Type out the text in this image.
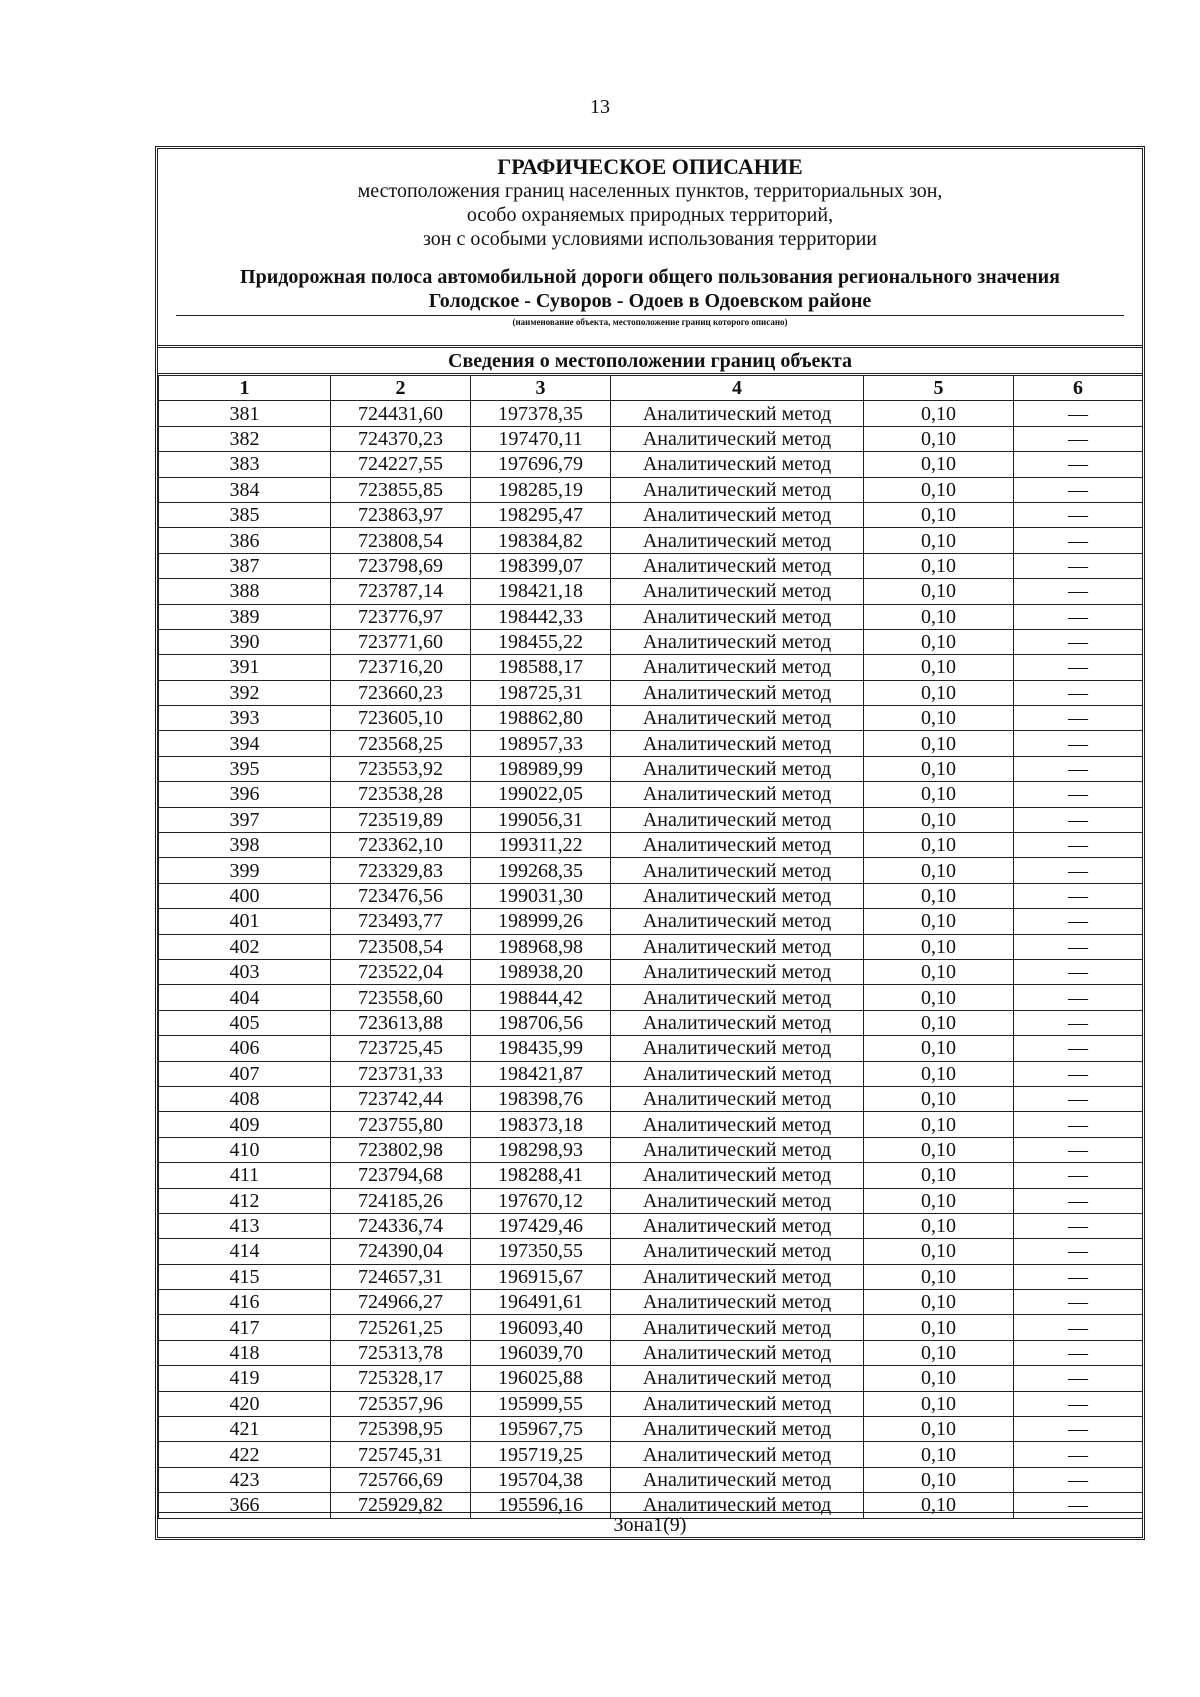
13
ГРАФИЧЕСКОЕ ОПИСАНИЕ
местоположения границ населенных пунктов, территориальных зон,
особо охраняемых природных территорий,
зон с особыми условиями использования территории
Придорожная полоса автомобильной дороги общего пользования регионального значения
Голодское - Суворов - Одоев в Одоевском районе
(наименование объекта, местоположение границ которого описано)
Сведения о местоположении границ объекта
1	2	3	4	5	6
381	724431,60	197378,35	Аналитический метод	0,10	—
382	724370,23	197470,11	Аналитический метод	0,10	—
383	724227,55	197696,79	Аналитический метод	0,10	—
384	723855,85	198285,19	Аналитический метод	0,10	—
385	723863,97	198295,47	Аналитический метод	0,10	—
386	723808,54	198384,82	Аналитический метод	0,10	—
387	723798,69	198399,07	Аналитический метод	0,10	—
388	723787,14	198421,18	Аналитический метод	0,10	—
389	723776,97	198442,33	Аналитический метод	0,10	—
390	723771,60	198455,22	Аналитический метод	0,10	—
391	723716,20	198588,17	Аналитический метод	0,10	—
392	723660,23	198725,31	Аналитический метод	0,10	—
393	723605,10	198862,80	Аналитический метод	0,10	—
394	723568,25	198957,33	Аналитический метод	0,10	—
395	723553,92	198989,99	Аналитический метод	0,10	—
396	723538,28	199022,05	Аналитический метод	0,10	—
397	723519,89	199056,31	Аналитический метод	0,10	—
398	723362,10	199311,22	Аналитический метод	0,10	—
399	723329,83	199268,35	Аналитический метод	0,10	—
400	723476,56	199031,30	Аналитический метод	0,10	—
401	723493,77	198999,26	Аналитический метод	0,10	—
402	723508,54	198968,98	Аналитический метод	0,10	—
403	723522,04	198938,20	Аналитический метод	0,10	—
404	723558,60	198844,42	Аналитический метод	0,10	—
405	723613,88	198706,56	Аналитический метод	0,10	—
406	723725,45	198435,99	Аналитический метод	0,10	—
407	723731,33	198421,87	Аналитический метод	0,10	—
408	723742,44	198398,76	Аналитический метод	0,10	—
409	723755,80	198373,18	Аналитический метод	0,10	—
410	723802,98	198298,93	Аналитический метод	0,10	—
411	723794,68	198288,41	Аналитический метод	0,10	—
412	724185,26	197670,12	Аналитический метод	0,10	—
413	724336,74	197429,46	Аналитический метод	0,10	—
414	724390,04	197350,55	Аналитический метод	0,10	—
415	724657,31	196915,67	Аналитический метод	0,10	—
416	724966,27	196491,61	Аналитический метод	0,10	—
417	725261,25	196093,40	Аналитический метод	0,10	—
418	725313,78	196039,70	Аналитический метод	0,10	—
419	725328,17	196025,88	Аналитический метод	0,10	—
420	725357,96	195999,55	Аналитический метод	0,10	—
421	725398,95	195967,75	Аналитический метод	0,10	—
422	725745,31	195719,25	Аналитический метод	0,10	—
423	725766,69	195704,38	Аналитический метод	0,10	—
366	725929,82	195596,16	Аналитический метод	0,10	—
Зона1(9)
